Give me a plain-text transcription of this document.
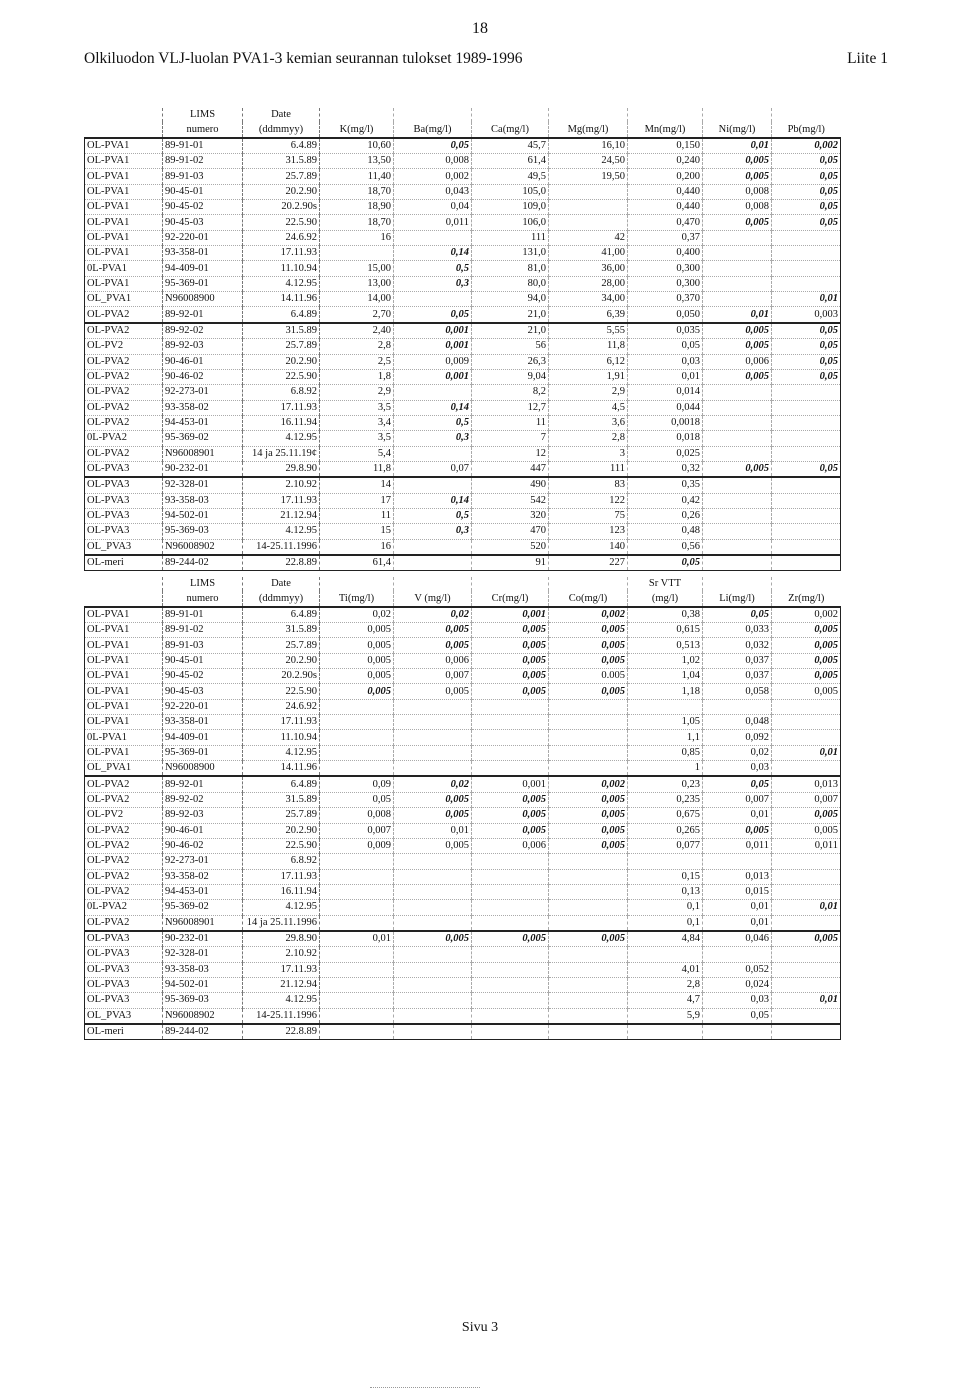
18
Olkiluodon VLJ-luolan PVA1-3 kemian seurannan tulokset 1989-1996	Liite 1
	LIMS	Date							
	numero	(ddmmyy)	K(mg/l)	Ba(mg/l)	Ca(mg/l)	Mg(mg/l)	Mn(mg/l)	Ni(mg/l)	Pb(mg/l)
OL-PVA1	89-91-01	6.4.89	10,60	0,05	45,7	16,10	0,150	0,01	0,002
OL-PVA1	89-91-02	31.5.89	13,50	0,008	61,4	24,50	0,240	0,005	0,05
OL-PVA1	89-91-03	25.7.89	11,40	0,002	49,5	19,50	0,200	0,005	0,05
OL-PVA1	90-45-01	20.2.90	18,70	0,043	105,0		0,440	0,008	0,05
OL-PVA1	90-45-02	20.2.90s	18,90	0,04	109,0		0,440	0,008	0,05
OL-PVA1	90-45-03	22.5.90	18,70	0,011	106,0		0,470	0,005	0,05
OL-PVA1	92-220-01	24.6.92	16		111	42	0,37		
OL-PVA1	93-358-01	17.11.93		0,14	131,0	41,00	0,400		
0L-PVA1	94-409-01	11.10.94	15,00	0,5	81,0	36,00	0,300		
OL-PVA1	95-369-01	4.12.95	13,00	0,3	80,0	28,00	0,300		
OL_PVA1	N96008900	14.11.96	14,00		94,0	34,00	0,370		0,01
OL-PVA2	89-92-01	6.4.89	2,70	0,05	21,0	6,39	0,050	0,01	0,003
OL-PVA2	89-92-02	31.5.89	2,40	0,001	21,0	5,55	0,035	0,005	0,05
OL-PV2	89-92-03	25.7.89	2,8	0,001	56	11,8	0,05	0,005	0,05
OL-PVA2	90-46-01	20.2.90	2,5	0,009	26,3	6,12	0,03	0,006	0,05
OL-PVA2	90-46-02	22.5.90	1,8	0,001	9,04	1,91	0,01	0,005	0,05
OL-PVA2	92-273-01	6.8.92	2,9		8,2	2,9	0,014		
OL-PVA2	93-358-02	17.11.93	3,5	0,14	12,7	4,5	0,044		
OL-PVA2	94-453-01	16.11.94	3,4	0,5	11	3,6	0,0018		
0L-PVA2	95-369-02	4.12.95	3,5	0,3	7	2,8	0,018		
OL-PVA2	N96008901	14 ja 25.11.19¢	5,4		12	3	0,025		
OL-PVA3	90-232-01	29.8.90	11,8	0,07	447	111	0,32	0,005	0,05
OL-PVA3	92-328-01	2.10.92	14		490	83	0,35		
OL-PVA3	93-358-03	17.11.93	17	0,14	542	122	0,42		
OL-PVA3	94-502-01	21.12.94	11	0,5	320	75	0,26		
OL-PVA3	95-369-03	4.12.95	15	0,3	470	123	0,48		
OL_PVA3	N96008902	14-25.11.1996	16		520	140	0,56		
OL-meri	89-244-02	22.8.89	61,4		91	227	0,05		
	LIMS	Date					Sr VTT		
	numero	(ddmmyy)	Ti(mg/l)	V (mg/l)	Cr(mg/l)	Co(mg/l)	(mg/l)	Li(mg/l)	Zr(mg/l)
OL-PVA1	89-91-01	6.4.89	0,02	0,02	0,001	0,002	0,38	0,05	0,002
OL-PVA1	89-91-02	31.5.89	0,005	0,005	0,005	0,005	0,615	0,033	0,005
OL-PVA1	89-91-03	25.7.89	0,005	0,005	0,005	0,005	0,513	0,032	0,005
OL-PVA1	90-45-01	20.2.90	0,005	0,006	0,005	0,005	1,02	0,037	0,005
OL-PVA1	90-45-02	20.2.90s	0,005	0,007	0,005	0.005	1,04	0,037	0,005
OL-PVA1	90-45-03	22.5.90	0,005	0,005	0,005	0,005	1,18	0,058	0,005
OL-PVA1	92-220-01	24.6.92							
OL-PVA1	93-358-01	17.11.93					1,05	0,048	
0L-PVA1	94-409-01	11.10.94					1,1	0,092	
OL-PVA1	95-369-01	4.12.95					0,85	0,02	0,01
OL_PVA1	N96008900	14.11.96					1	0,03	
OL-PVA2	89-92-01	6.4.89	0,09	0,02	0,001	0,002	0,23	0,05	0,013
OL-PVA2	89-92-02	31.5.89	0,05	0,005	0,005	0,005	0,235	0,007	0,007
OL-PV2	89-92-03	25.7.89	0,008	0,005	0,005	0,005	0,675	0,01	0,005
OL-PVA2	90-46-01	20.2.90	0,007	0,01	0,005	0,005	0,265	0,005	0,005
OL-PVA2	90-46-02	22.5.90	0,009	0,005	0,006	0,005	0,077	0,011	0,011
OL-PVA2	92-273-01	6.8.92							
OL-PVA2	93-358-02	17.11.93					0,15	0,013	
OL-PVA2	94-453-01	16.11.94					0,13	0,015	
0L-PVA2	95-369-02	4.12.95					0,1	0,01	0,01
OL-PVA2	N96008901	14 ja 25.11.1996					0,1	0,01	
OL-PVA3	90-232-01	29.8.90	0,01	0,005	0,005	0,005	4,84	0,046	0,005
OL-PVA3	92-328-01	2.10.92							
OL-PVA3	93-358-03	17.11.93					4,01	0,052	
OL-PVA3	94-502-01	21.12.94					2,8	0,024	
OL-PVA3	95-369-03	4.12.95					4,7	0,03	0,01
OL_PVA3	N96008902	14-25.11.1996					5,9	0,05	
OL-meri	89-244-02	22.8.89							
Sivu 3
